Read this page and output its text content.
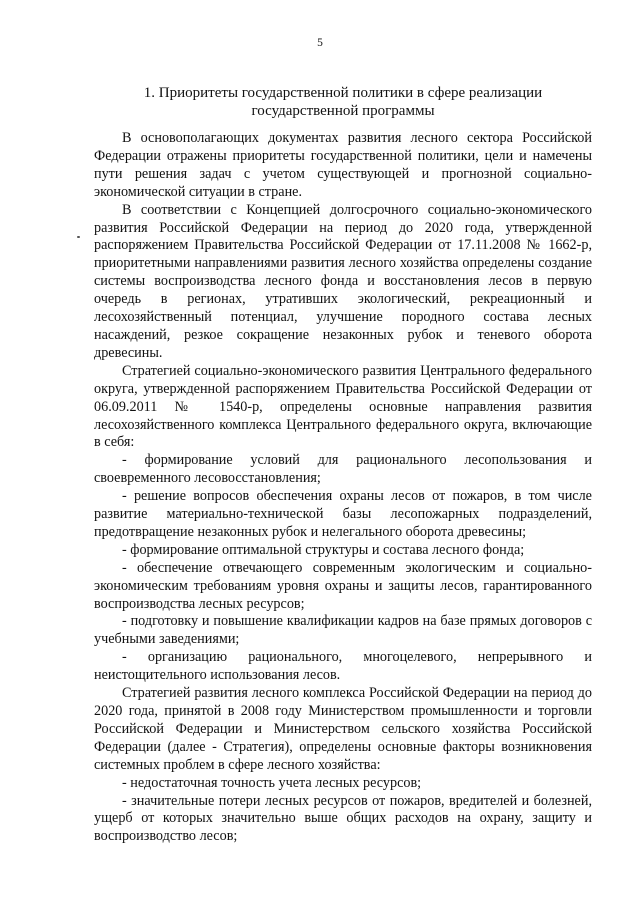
5
1. Приоритеты государственной политики в сфере реализации
государственной программы

В основополагающих документах развития лесного сектора Российской Федерации отражены приоритеты государственной политики, цели и намечены пути решения задач с учетом существующей и прогнозной социально-экономической ситуации в стране.

В соответствии с Концепцией долгосрочного социально-экономического развития Российской Федерации на период до 2020 года, утвержденной распоряжением Правительства Российской Федерации от 17.11.2008 № 1662-р, приоритетными направлениями развития лесного хозяйства определены создание системы воспроизводства лесного фонда и восстановления лесов в первую очередь в регионах, утративших экологический, рекреационный и лесохозяйственный потенциал, улучшение породного состава лесных насаждений, резкое сокращение незаконных рубок и теневого оборота древесины.

Стратегией социально-экономического развития Центрального федерального округа, утвержденной распоряжением Правительства Российской Федерации от 06.09.2011 № 1540-р, определены основные направления развития лесохозяйственного комплекса Центрального федерального округа, включающие в себя:

- формирование условий для рационального лесопользования и своевременного лесовосстановления;

- решение вопросов обеспечения охраны лесов от пожаров, в том числе развитие материально-технической базы лесопожарных подразделений, предотвращение незаконных рубок и нелегального оборота древесины;

- формирование оптимальной структуры и состава лесного фонда;

- обеспечение отвечающего современным экологическим и социально-экономическим требованиям уровня охраны и защиты лесов, гарантированного воспроизводства лесных ресурсов;

- подготовку и повышение квалификации кадров на базе прямых договоров с учебными заведениями;

- организацию рационального, многоцелевого, непрерывного и неистощительного использования лесов.

Стратегией развития лесного комплекса Российской Федерации на период до 2020 года, принятой в 2008 году Министерством промышленности и торговли Российской Федерации и Министерством сельского хозяйства Российской Федерации (далее - Стратегия), определены основные факторы возникновения системных проблем в сфере лесного хозяйства:

- недостаточная точность учета лесных ресурсов;

- значительные потери лесных ресурсов от пожаров, вредителей и болезней, ущерб от которых значительно выше общих расходов на охрану, защиту и воспроизводство лесов;
